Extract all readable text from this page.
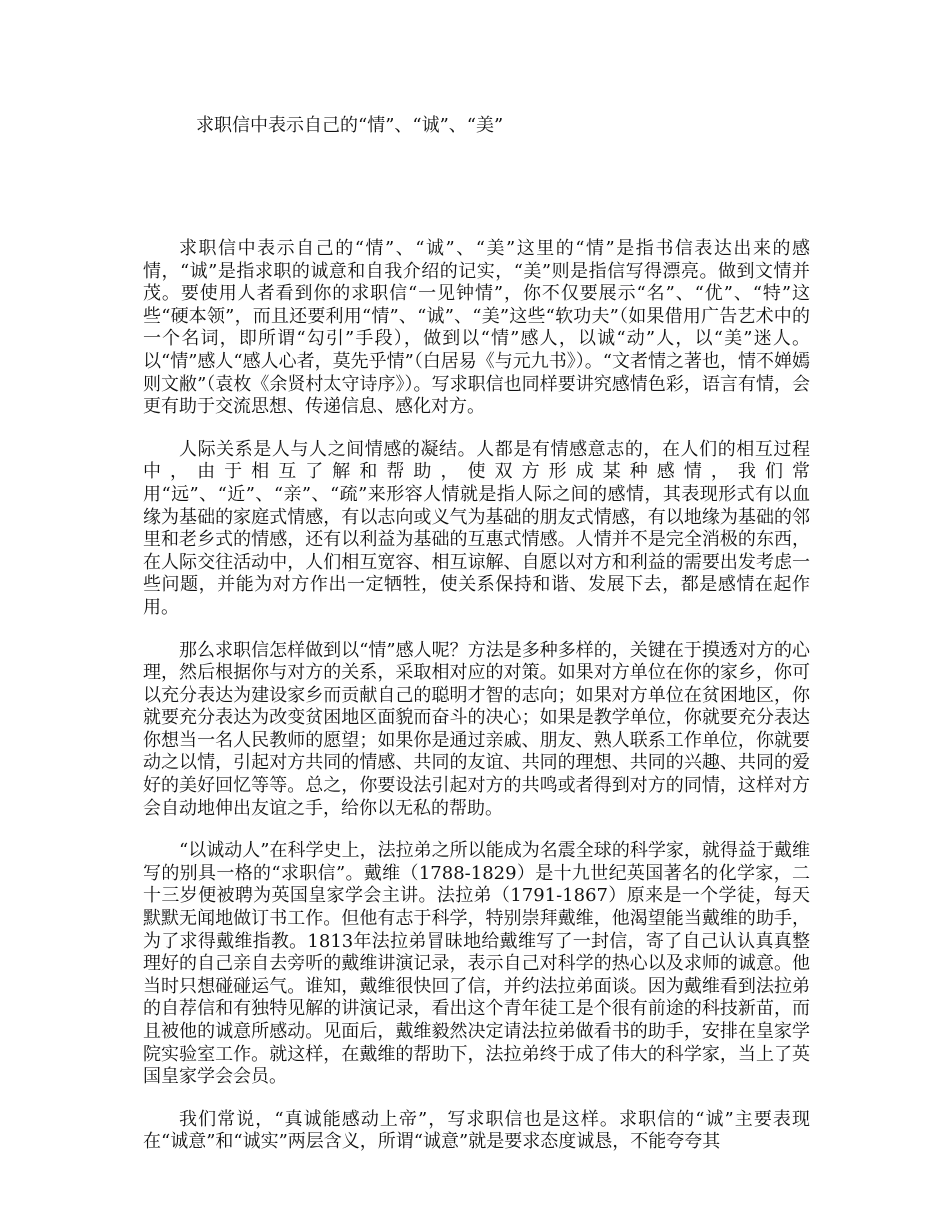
求职信中表示自己的“情”、“诚”、“美”

求职信中表示自己的“情”、“诚”、“美”这里的“情”是指书信表达出来的感情，“诚”是指求职的诚意和自我介绍的记实，“美”则是指信写得漂亮。做到文情并茂。要使用人者看到你的求职信“一见钟情”，你不仅要展示“名”、“优”、“特”这些“硬本领”，而且还要利用“情”、“诚”、“美”这些“软功夫”（如果借用广告艺术中的一个名词，即所谓“勾引”手段），做到以“情”感人，以诚“动”人，以“美”迷人。以“情”感人“感人心者，莫先乎情”（白居易《与元九书》）。“文者情之著也，情不婵嫣则文敝”（袁枚《余贤村太守诗序》）。写求职信也同样要讲究感情色彩，语言有情，会更有助于交流思想、传递信息、感化对方。

人际关系是人与人之间情感的凝结。人都是有情感意志的，在人们的相互过程中，由于相互了解和帮助，使双方形成某种感情，我们常用“远”、“近”、“亲”、“疏”来形容人情就是指人际之间的感情，其表现形式有以血缘为基础的家庭式情感，有以志向或义气为基础的朋友式情感，有以地缘为基础的邻里和老乡式的情感，还有以利益为基础的互惠式情感。人情并不是完全消极的东西，在人际交往活动中，人们相互宽容、相互谅解、自愿以对方和利益的需要出发考虑一些问题，并能为对方作出一定牺牲，使关系保持和谐、发展下去，都是感情在起作用。

那么求职信怎样做到以“情”感人呢？方法是多种多样的，关键在于摸透对方的心理，然后根据你与对方的关系，采取相对应的对策。如果对方单位在你的家乡，你可以充分表达为建设家乡而贡献自己的聪明才智的志向；如果对方单位在贫困地区，你就要充分表达为改变贫困地区面貌而奋斗的决心；如果是教学单位，你就要充分表达你想当一名人民教师的愿望；如果你是通过亲戚、朋友、熟人联系工作单位，你就要动之以情，引起对方共同的情感、共同的友谊、共同的理想、共同的兴趣、共同的爱好的美好回忆等等。总之，你要设法引起对方的共鸣或者得到对方的同情，这样对方会自动地伸出友谊之手，给你以无私的帮助。

“以诚动人”在科学史上，法拉弟之所以能成为名震全球的科学家，就得益于戴维写的别具一格的“求职信”。戴维（1788-1829）是十九世纪英国著名的化学家，二十三岁便被聘为英国皇家学会主讲。法拉弟（1791-1867）原来是一个学徒，每天默默无闻地做订书工作。但他有志于科学，特别崇拜戴维，他渴望能当戴维的助手，为了求得戴维指教。1813年法拉弟冒昧地给戴维写了一封信，寄了自己认认真真整理好的自己亲自去旁听的戴维讲演记录，表示自己对科学的热心以及求师的诚意。他当时只想碰碰运气。谁知，戴维很快回了信，并约法拉弟面谈。因为戴维看到法拉弟的自荐信和有独特见解的讲演记录，看出这个青年徒工是个很有前途的科技新苗，而且被他的诚意所感动。见面后，戴维毅然决定请法拉弟做看书的助手，安排在皇家学院实验室工作。就这样，在戴维的帮助下，法拉弟终于成了伟大的科学家，当上了英国皇家学会会员。

我们常说，“真诚能感动上帝”，写求职信也是这样。求职信的“诚”主要表现在“诚意”和“诚实”两层含义，所谓“诚意”就是要求态度诚恳，不能夸夸其
